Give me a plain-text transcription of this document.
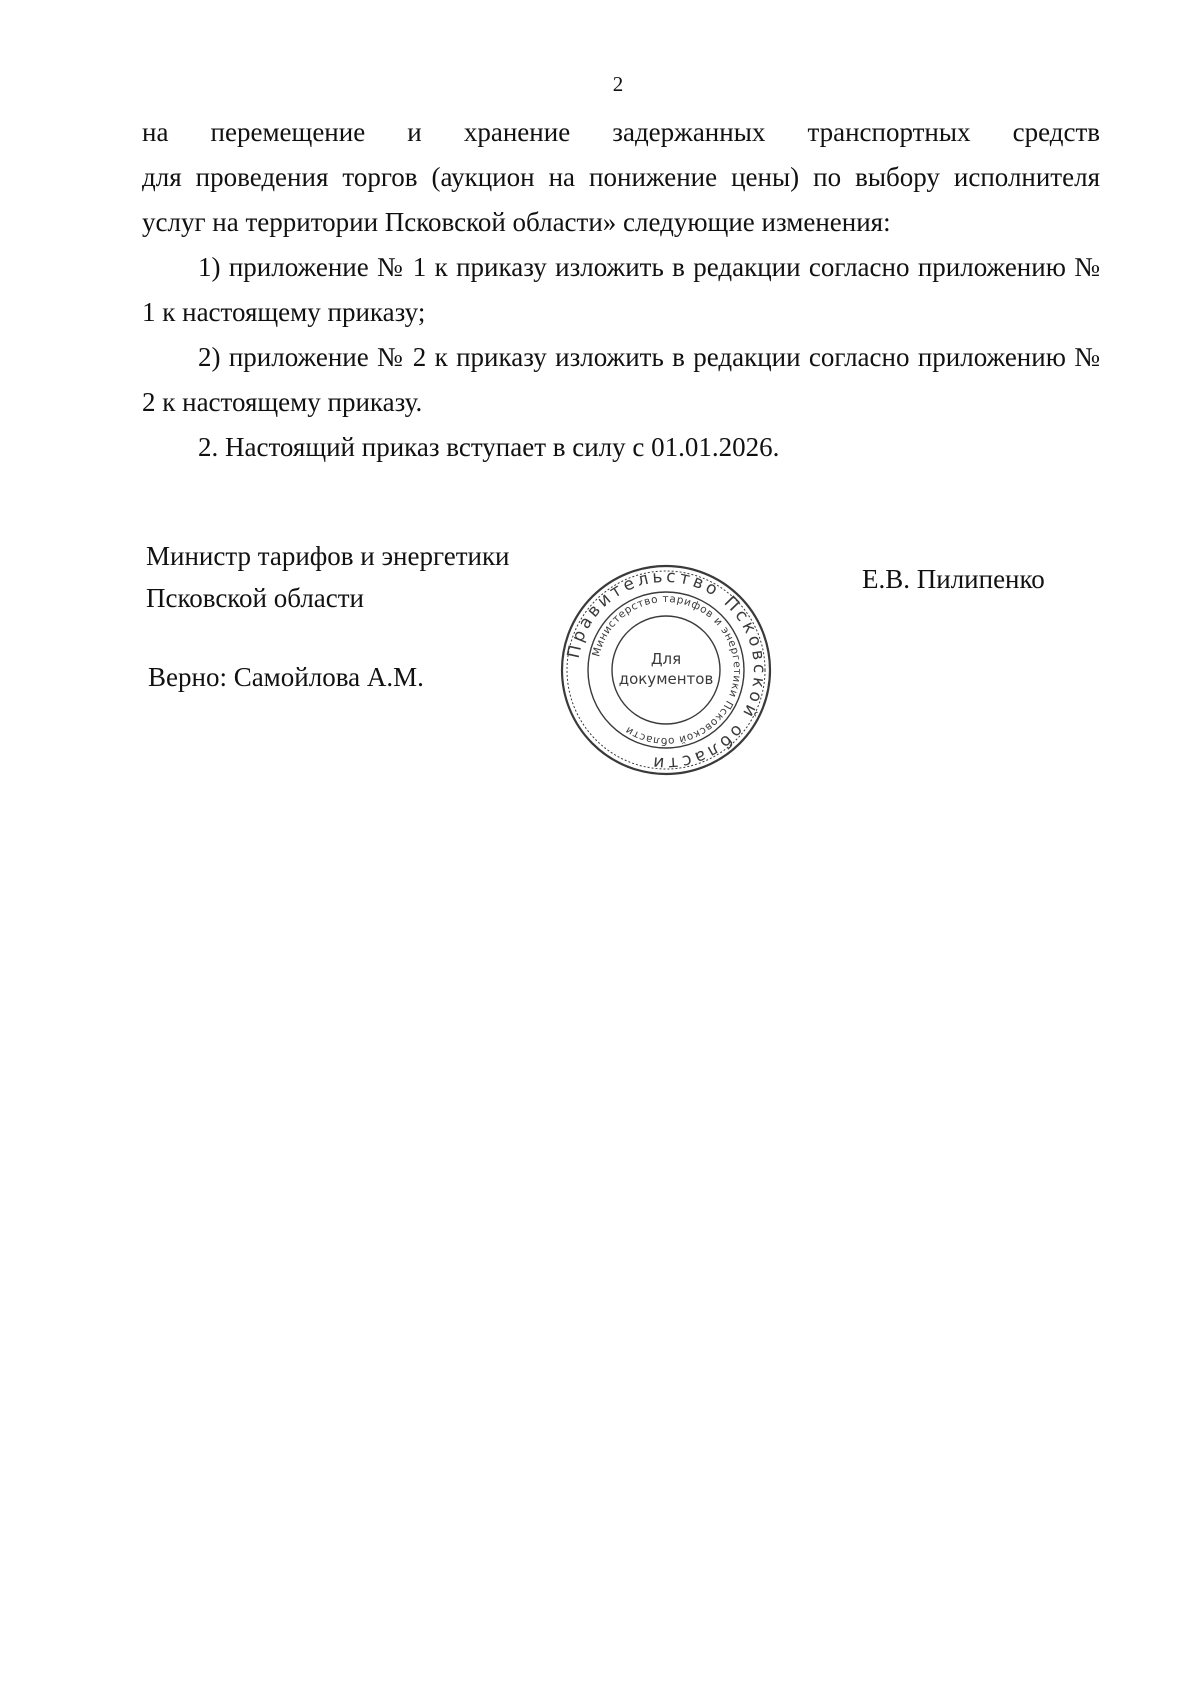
2

на перемещение и хранение задержанных транспортных средств

для проведения торгов (аукцион на понижение цены) по выбору исполнителя

услуг на территории Псковской области» следующие изменения:

1) приложение № 1 к приказу изложить в редакции согласно приложению № 1 к настоящему приказу;

2) приложение № 2 к приказу изложить в редакции согласно приложению № 2 к настоящему приказу.

2. Настоящий приказ вступает в силу с 01.01.2026.

Министр тарифов и энергетики
Псковской области
Е.В. Пилипенко
Верно: Самойлова А.М.
Правительство Псковской области
Министерство тарифов и энергетики Псковской области
Для
документов
